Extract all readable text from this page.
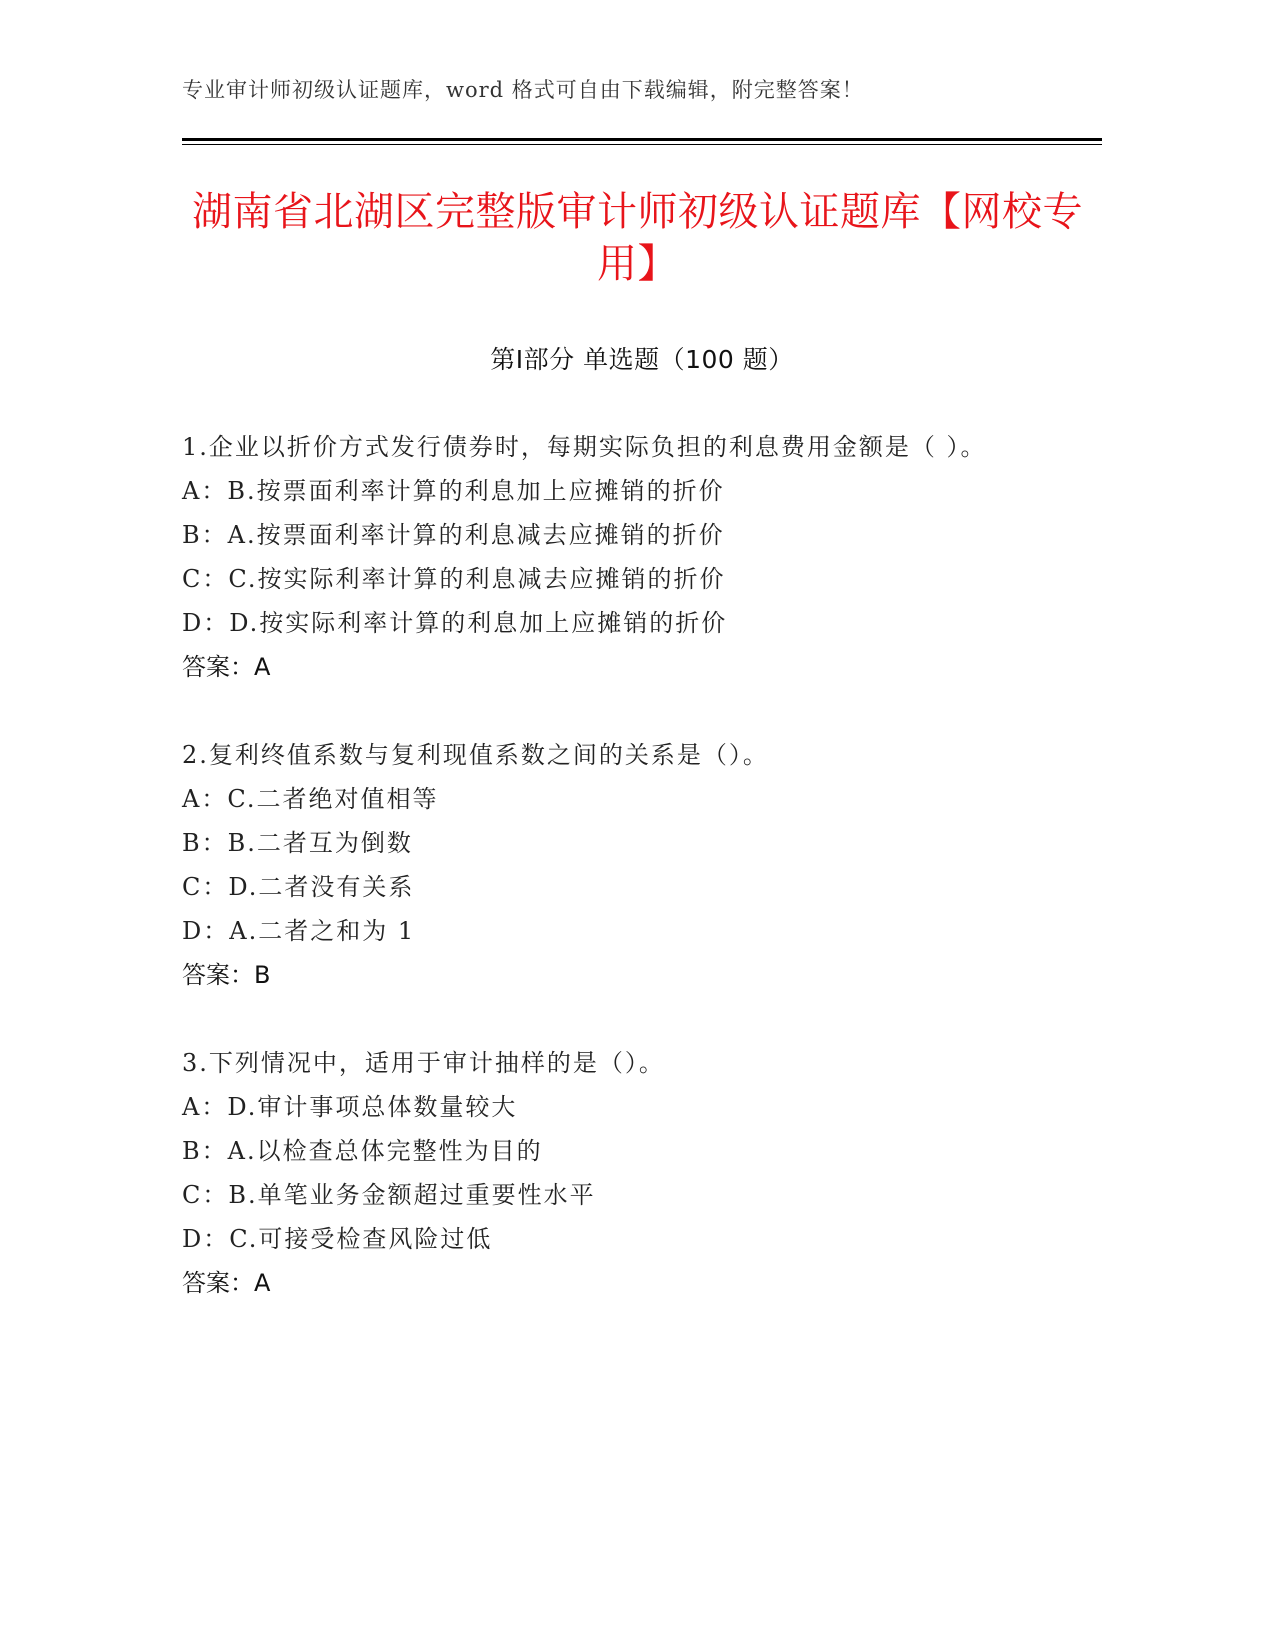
专业审计师初级认证题库，word 格式可自由下载编辑，附完整答案！
湖南省北湖区完整版审计师初级认证题库【网校专用】
第Ⅰ部分 单选题（100 题）
1.企业以折价方式发行债券时，每期实际负担的利息费用金额是（ ）。
A：B.按票面利率计算的利息加上应摊销的折价
B：A.按票面利率计算的利息减去应摊销的折价
C：C.按实际利率计算的利息减去应摊销的折价
D：D.按实际利率计算的利息加上应摊销的折价
答案：A
2.复利终值系数与复利现值系数之间的关系是（）。
A：C.二者绝对值相等
B：B.二者互为倒数
C：D.二者没有关系
D：A.二者之和为 1
答案：B
3.下列情况中，适用于审计抽样的是（）。
A：D.审计事项总体数量较大
B：A.以检查总体完整性为目的
C：B.单笔业务金额超过重要性水平
D：C.可接受检查风险过低
答案：A
